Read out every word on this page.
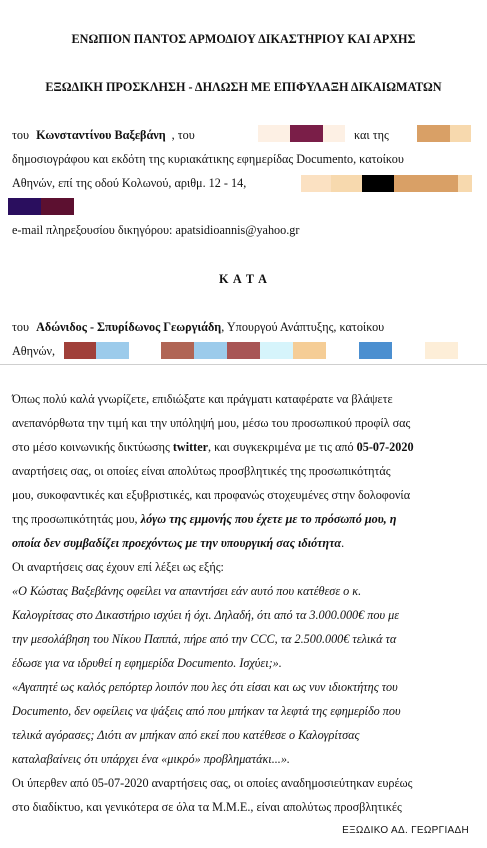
ΕΝΩΠΙΟΝ ΠΑΝΤΟΣ ΑΡΜΟΔΙΟΥ ΔΙΚΑΣΤΗΡΙΟΥ ΚΑΙ ΑΡΧΗΣ
ΕΞΩΔΙΚΗ ΠΡΟΣΚΛΗΣΗ - ΔΗΛΩΣΗ ΜΕ ΕΠΙΦΥΛΑΞΗ ΔΙΚΑΙΩΜΑΤΩΝ
του Κωνσταντίνου Βαξεβάνη , του	και της
δημοσιογράφου και εκδότη της κυριακάτικης εφημερίδας Documento, κατοίκου
Αθηνών, επί της οδού Κολωνού, αριθμ. 12 - 14,
e-mail πληρεξουσίου δικηγόρου: apatsidioannis@yahoo.gr
Κ Α Τ Α
του Αδώνιδος - Σπυρίδωνος Γεωργιάδη, Υπουργού Ανάπτυξης, κατοίκου
Αθηνών,
Όπως πολύ καλά γνωρίζετε, επιδιώξατε και πράγματι καταφέρατε να βλάψετε
ανεπανόρθωτα την τιμή και την υπόληψή μου, μέσω του προσωπικού προφίλ σας
στο μέσο κοινωνικής δικτύωσης twitter, και συγκεκριμένα με τις από 05-07-2020
αναρτήσεις σας, οι οποίες είναι απολύτως προσβλητικές της προσωπικότητάς
μου, συκοφαντικές και εξυβριστικές, και προφανώς στοχευμένες στην δολοφονία
της προσωπικότητάς μου, λόγω της εμμονής που έχετε με το πρόσωπό μου, η
οποία δεν συμβαδίζει προεχόντως με την υπουργική σας ιδιότητα.
Οι αναρτήσεις σας έχουν επί λέξει ως εξής:
«Ο Κώστας Βαξεβάνης οφείλει να απαντήσει εάν αυτό που κατέθεσε ο κ.
Καλογρίτσας στο Δικαστήριο ισχύει ή όχι. Δηλαδή, ότι από τα 3.000.000€ που με
την μεσολάβηση του Νίκου Παππά, πήρε από την CCC, τα 2.500.000€ τελικά τα
έδωσε για να ιδρυθεί η εφημερίδα Documento. Ισχύει;».
«Αγαπητέ ως καλός ρεπόρτερ λοιπόν που λες ότι είσαι και ως νυν ιδιοκτήτης του
Documento, δεν οφείλεις να ψάξεις από που μπήκαν τα λεφτά της εφημερίδο που
τελικά αγόρασες; Διότι αν μπήκαν από εκεί που κατέθεσε ο Καλογρίτσας
καταλαβαίνεις ότι υπάρχει ένα «μικρό» προβληματάκι...».
Οι ύπερθεν από 05-07-2020 αναρτήσεις σας, οι οποίες αναδημοσιεύτηκαν ευρέως
στο διαδίκτυο, και γενικότερα σε όλα τα Μ.Μ.Ε., είναι απολύτως προσβλητικές
ΕΞΩΔΙΚΟ ΑΔ. ΓΕΩΡΓΙΑΔΗ
